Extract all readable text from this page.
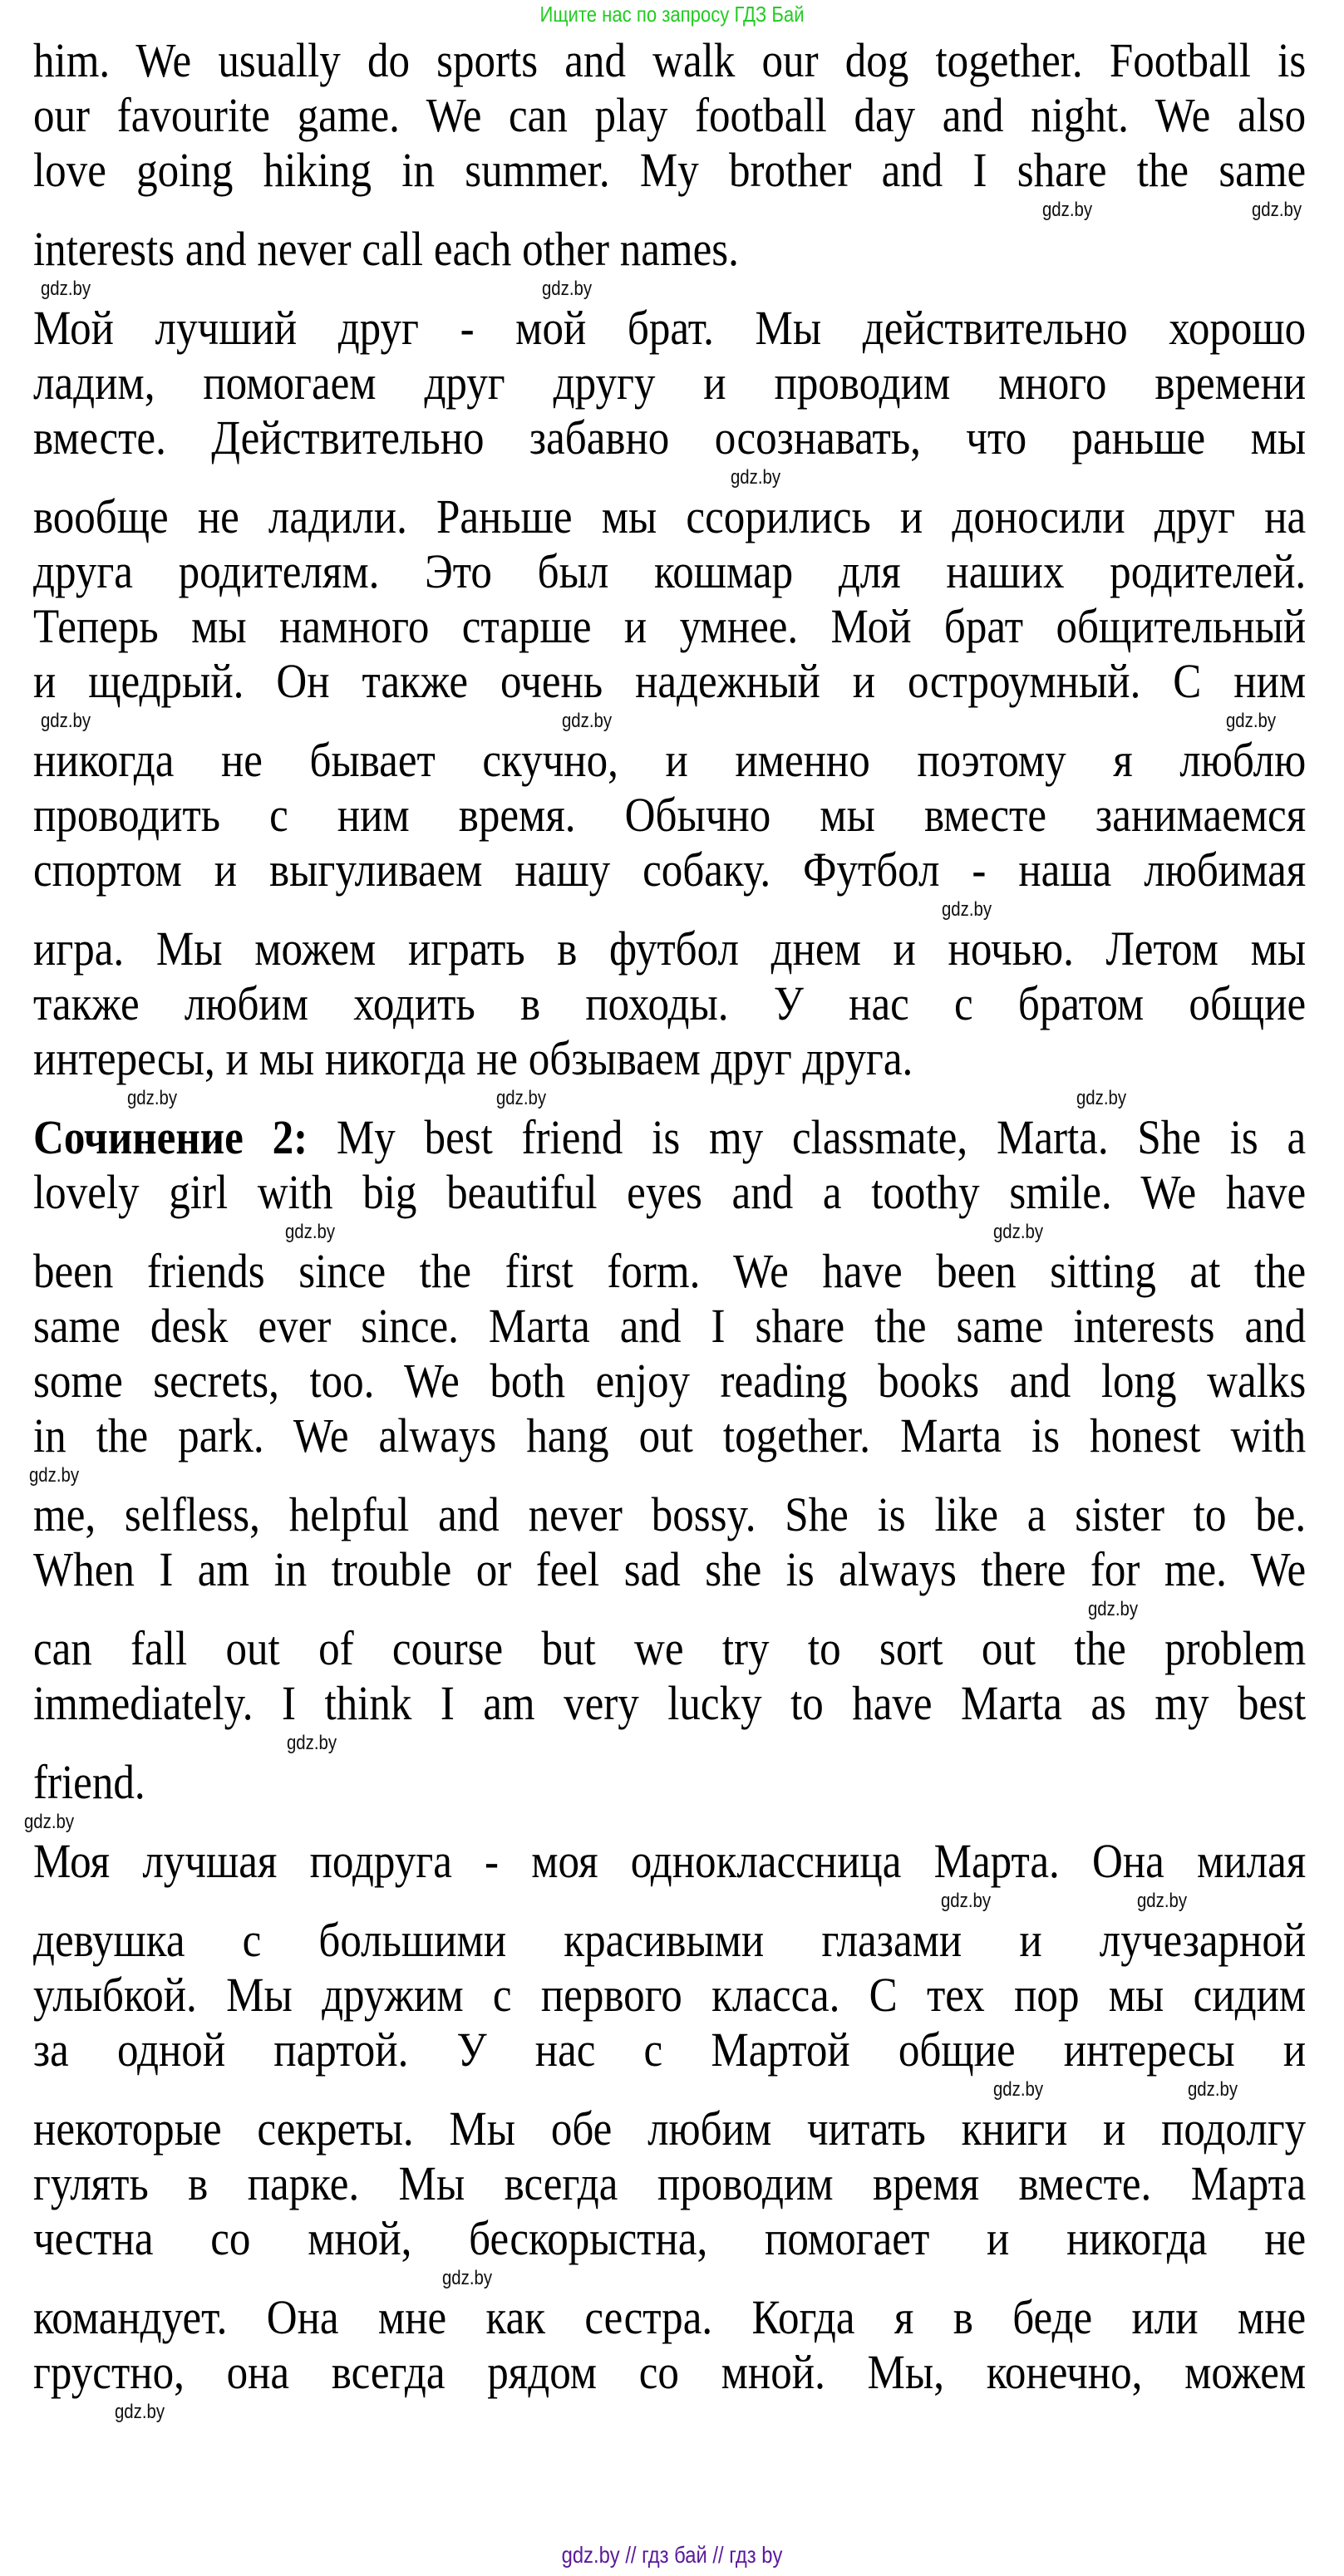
Ищите нас по запросу ГДЗ Бай
him. We usually do sports and walk our dog together. Football is
our favourite game. We can play football day and night. We also
love going hiking in summer. My brother and I share the same
interests and never call each other names.
Мой лучший друг - мой брат. Мы действительно хорошо
ладим, помогаем друг другу и проводим много времени
вместе. Действительно забавно осознавать, что раньше мы
вообще не ладили. Раньше мы ссорились и доносили друг на
друга родителям. Это был кошмар для наших родителей.
Теперь мы намного старше и умнее. Мой брат общительный
и щедрый. Он также очень надежный и остроумный. С ним
никогда не бывает скучно, и именно поэтому я люблю
проводить с ним время. Обычно мы вместе занимаемся
спортом и выгуливаем нашу собаку. Футбол - наша любимая
игра. Мы можем играть в футбол днем и ночью. Летом мы
также любим ходить в походы. У нас с братом общие
интересы, и мы никогда не обзываем друг друга.
Сочинение 2: My best friend is my classmate, Marta. She is a
lovely girl with big beautiful eyes and a toothy smile. We have
been friends since the first form. We have been sitting at the
same desk ever since. Marta and I share the same interests and
some secrets, too. We both enjoy reading books and long walks
in the park. We always hang out together. Marta is honest with
me, selfless, helpful and never bossy. She is like a sister to be.
When I am in trouble or feel sad she is always there for me. We
can fall out of course but we try to sort out the problem
immediately. I think I am very lucky to have Marta as my best
friend.
Моя лучшая подруга - моя одноклассница Марта. Она милая
девушка с большими красивыми глазами и лучезарной
улыбкой. Мы дружим с первого класса. С тех пор мы сидим
за одной партой. У нас с Мартой общие интересы и
некоторые секреты. Мы обе любим читать книги и подолгу
гулять в парке. Мы всегда проводим время вместе. Марта
честна со мной, бескорыстна, помогает и никогда не
командует. Она мне как сестра. Когда я в беде или мне
грустно, она всегда рядом со мной. Мы, конечно, можем
gdz.by // гдз бай // гдз by
gdz.by
gdz.by
gdz.by	gdz.by
gdz.by
gdz.by
gdz.by
gdz.by
gdz.by
gdz.by	gdz.by
gdz.by
gdz.by
gdz.by
gdz.by
gdz.by
gdz.by
gdz.by
gdz.by
gdz.by
gdz.by
gdz.by
gdz.by
gdz.by
